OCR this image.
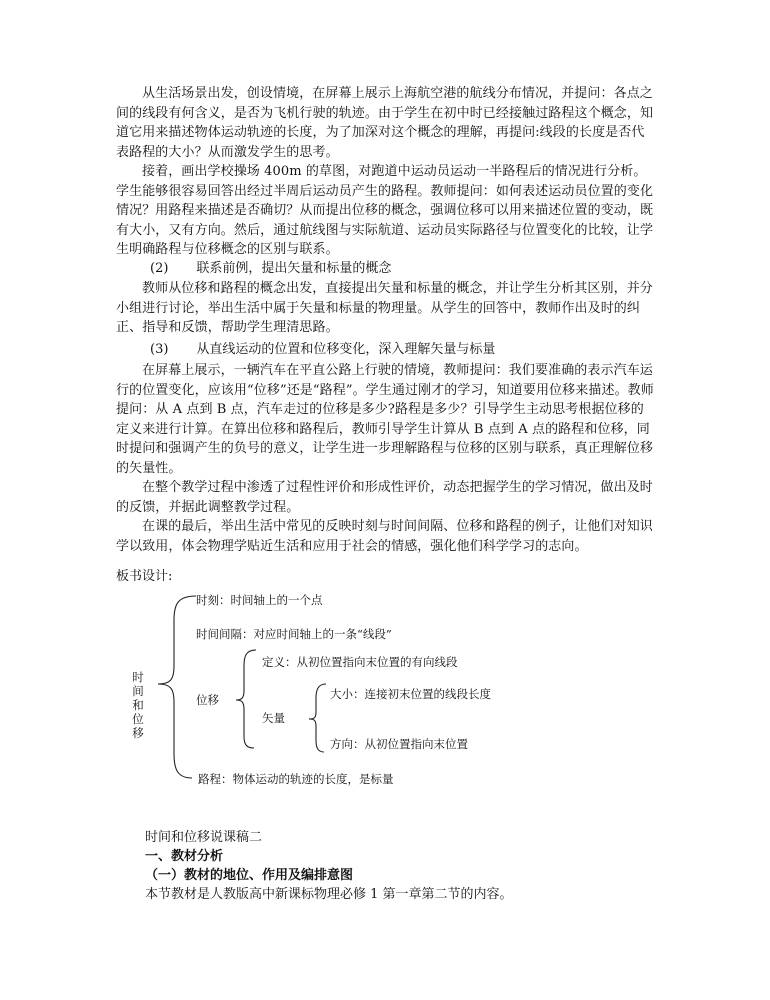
从生活场景出发，创设情境，在屏幕上展示上海航空港的航线分布情况，并提问：各点之间的线段有何含义，是否为飞机行驶的轨迹。由于学生在初中时已经接触过路程这个概念，知道它用来描述物体运动轨迹的长度，为了加深对这个概念的理解，再提问:线段的长度是否代表路程的大小？从而激发学生的思考。

接着，画出学校操场 400m 的草图，对跑道中运动员运动一半路程后的情况进行分析。学生能够很容易回答出经过半周后运动员产生的路程。教师提问：如何表述运动员位置的变化情况？用路程来描述是否确切？从而提出位移的概念，强调位移可以用来描述位置的变动，既有大小，又有方向。然后，通过航线图与实际航道、运动员实际路径与位置变化的比较，让学生明确路程与位移概念的区别与联系。

(2) 联系前例，提出矢量和标量的概念

教师从位移和路程的概念出发，直接提出矢量和标量的概念，并让学生分析其区别，并分小组进行讨论，举出生活中属于矢量和标量的物理量。从学生的回答中，教师作出及时的纠正、指导和反馈，帮助学生理清思路。

(3) 从直线运动的位置和位移变化，深入理解矢量与标量

在屏幕上展示，一辆汽车在平直公路上行驶的情境，教师提问：我们要准确的表示汽车运行的位置变化，应该用“位移”还是“路程”。学生通过刚才的学习，知道要用位移来描述。教师提问：从 A 点到 B 点，汽车走过的位移是多少?路程是多少？引导学生主动思考根据位移的定义来进行计算。在算出位移和路程后，教师引导学生计算从 B 点到 A 点的路程和位移，同时提问和强调产生的负号的意义，让学生进一步理解路程与位移的区别与联系，真正理解位移的矢量性。

在整个教学过程中渗透了过程性评价和形成性评价，动态把握学生的学习情况，做出及时的反馈，并据此调整教学过程。

在课的最后，举出生活中常见的反映时刻与时间间隔、位移和路程的例子，让他们对知识学以致用，体会物理学贴近生活和应用于社会的情感，强化他们科学学习的志向。

板书设计:
时
间
和
位
移
时刻：时间轴上的一个点
时间间隔：对应时间轴上的一条“线段”
位移
定义：从初位置指向末位置的有向线段
矢量
大小：连接初末位置的线段长度
方向：从初位置指向末位置
路程：物体运动的轨迹的长度，是标量
时间和位移说课稿二
一、教材分析
（一）教材的地位、作用及编排意图
本节教材是人教版高中新课标物理必修 1 第一章第二节的内容。
